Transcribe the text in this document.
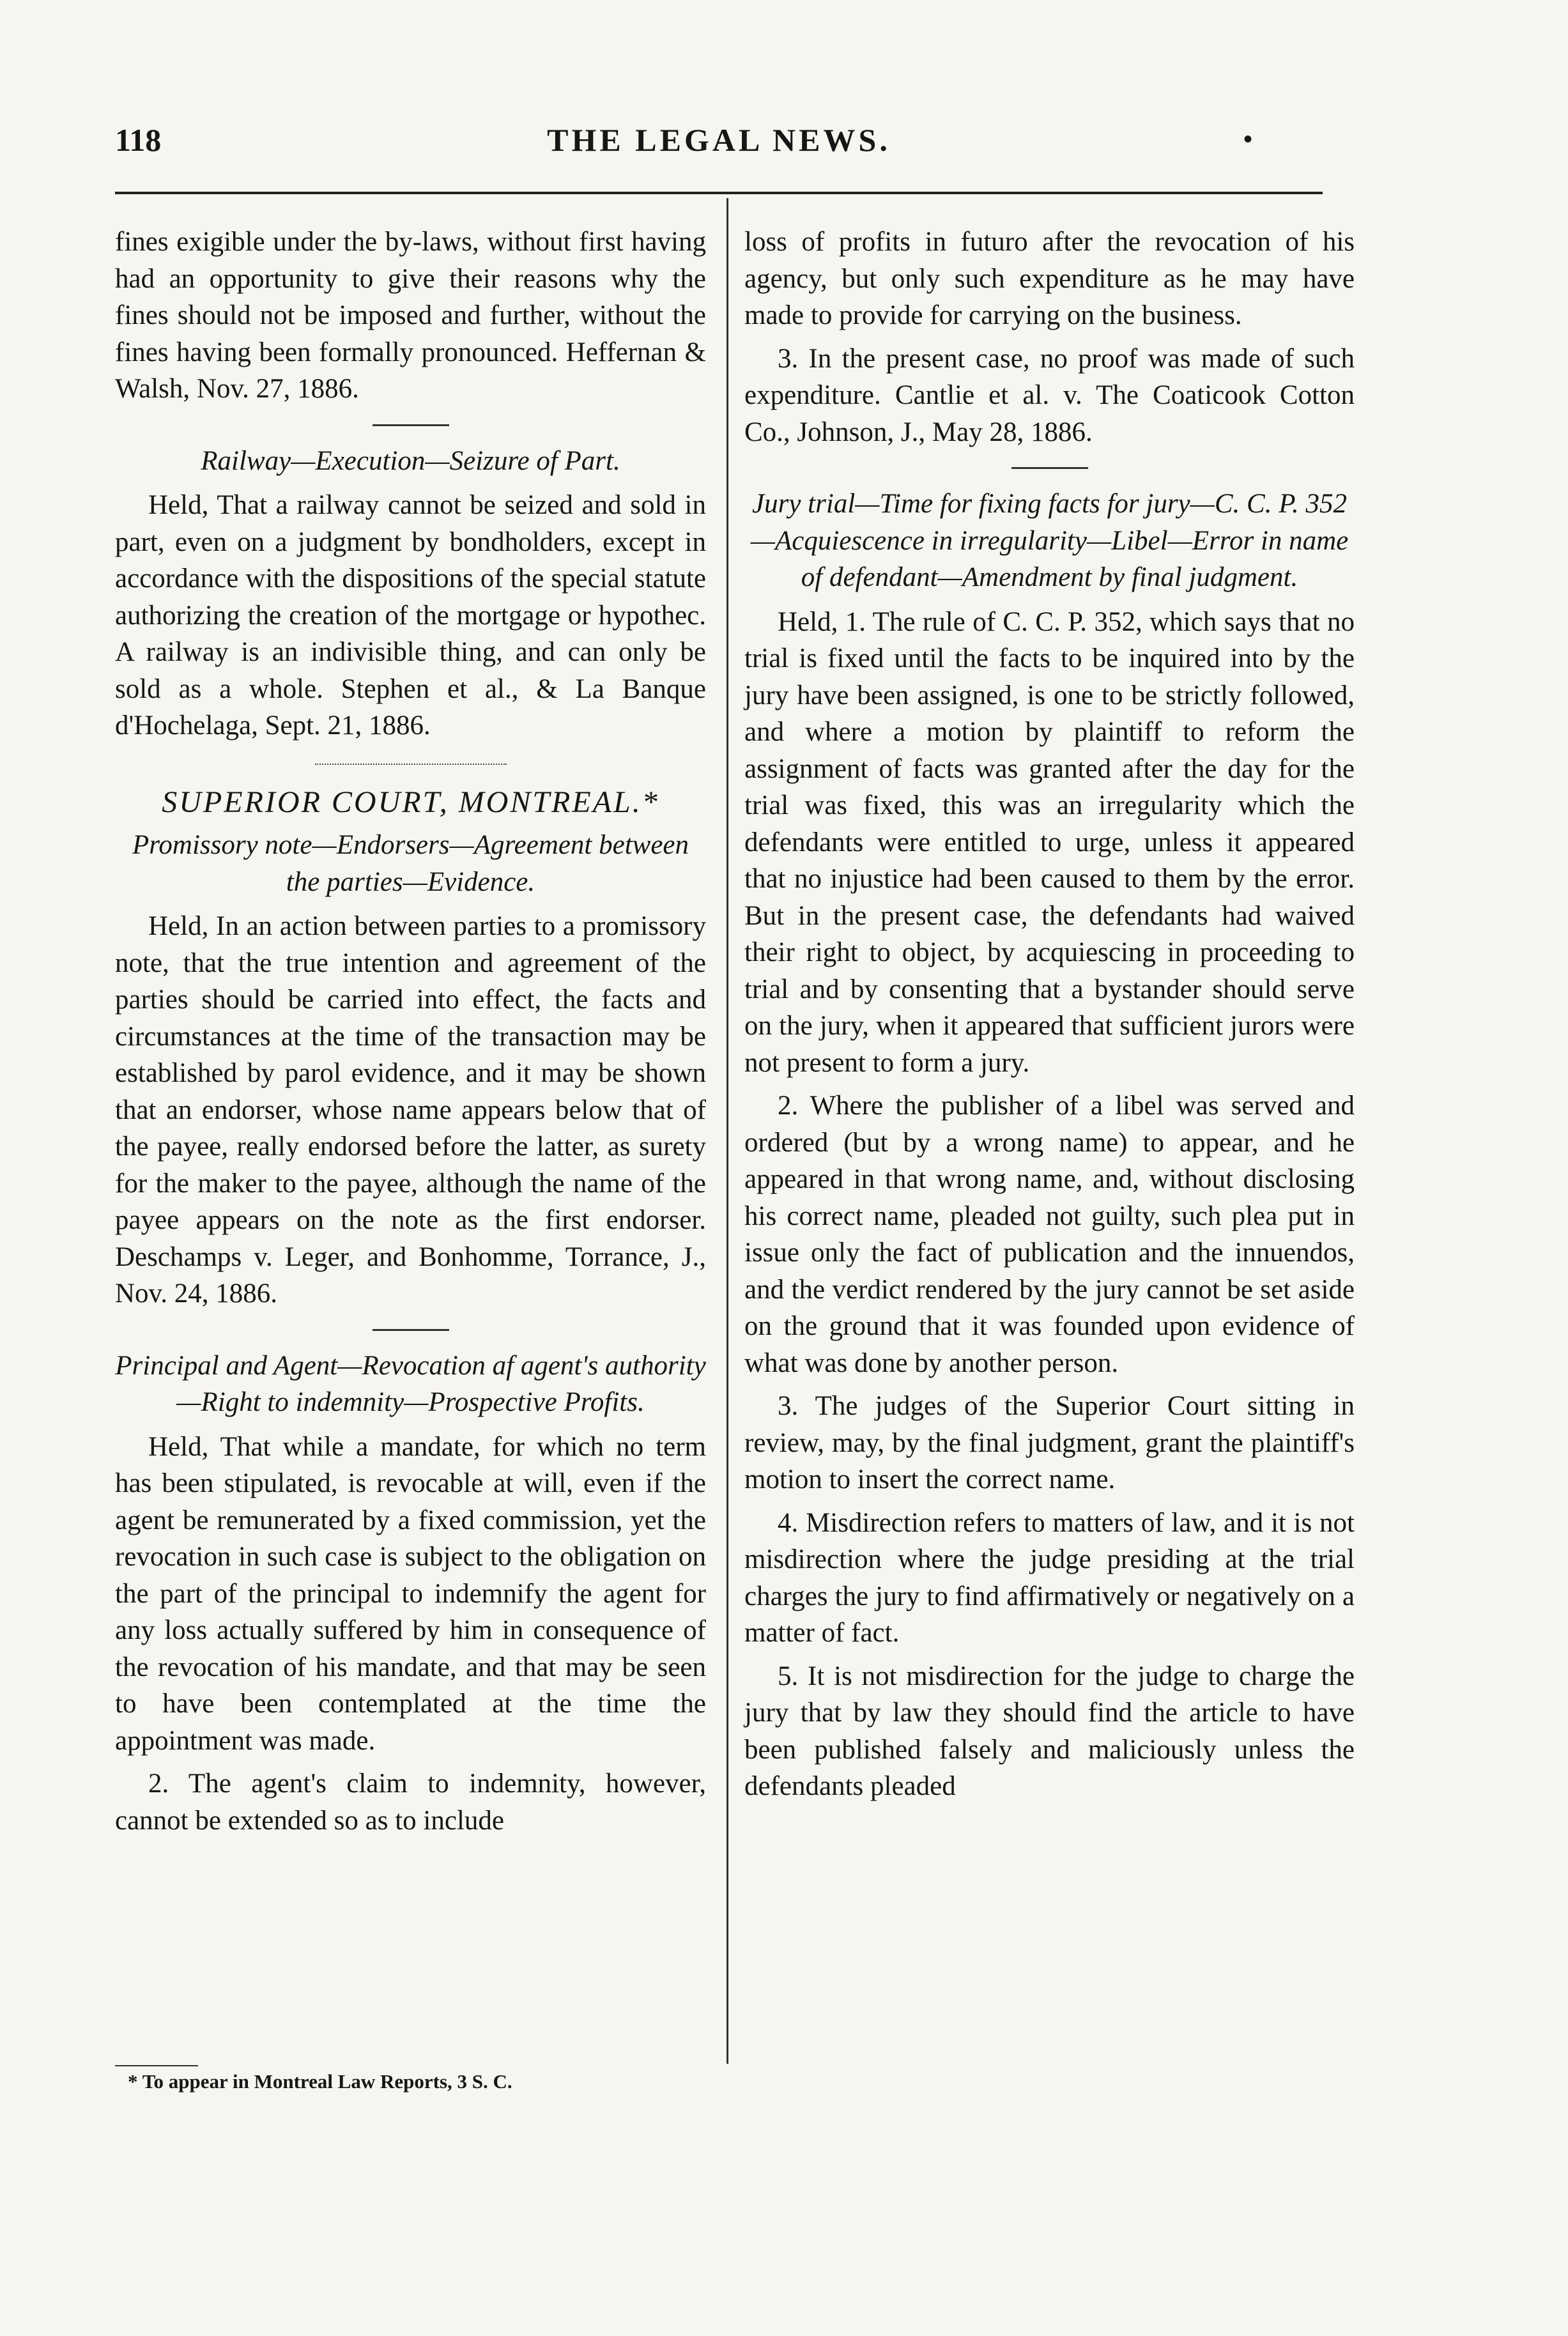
118	THE LEGAL NEWS.	•

fines exigible under the by-laws, without first having had an opportunity to give their reasons why the fines should not be imposed and further, without the fines having been formally pronounced. Heffernan & Walsh, Nov. 27, 1886.

Railway—Execution—Seizure of Part.

Held, That a railway cannot be seized and sold in part, even on a judgment by bondholders, except in accordance with the dispositions of the special statute authorizing the creation of the mortgage or hypothec. A railway is an indivisible thing, and can only be sold as a whole. Stephen et al., & La Banque d'Hochelaga, Sept. 21, 1886.

SUPERIOR COURT, MONTREAL.*
Promissory note—Endorsers—Agreement between the parties—Evidence.

Held, In an action between parties to a promissory note, that the true intention and agreement of the parties should be carried into effect, the facts and circumstances at the time of the transaction may be established by parol evidence, and it may be shown that an endorser, whose name appears below that of the payee, really endorsed before the latter, as surety for the maker to the payee, although the name of the payee appears on the note as the first endorser. Deschamps v. Leger, and Bonhomme, Torrance, J., Nov. 24, 1886.

Principal and Agent—Revocation af agent's authority—Right to indemnity—Prospective Profits.

Held, That while a mandate, for which no term has been stipulated, is revocable at will, even if the agent be remunerated by a fixed commission, yet the revocation in such case is subject to the obligation on the part of the principal to indemnify the agent for any loss actually suffered by him in consequence of the revocation of his mandate, and that may be seen to have been contemplated at the time the appointment was made.

2. The agent's claim to indemnity, however, cannot be extended so as to include

loss of profits in futuro after the revocation of his agency, but only such expenditure as he may have made to provide for carrying on the business.

3. In the present case, no proof was made of such expenditure. Cantlie et al. v. The Coaticook Cotton Co., Johnson, J., May 28, 1886.

Jury trial—Time for fixing facts for jury—C. C. P. 352—Acquiescence in irregularity—Libel—Error in name of defendant—Amendment by final judgment.

Held, 1. The rule of C. C. P. 352, which says that no trial is fixed until the facts to be inquired into by the jury have been assigned, is one to be strictly followed, and where a motion by plaintiff to reform the assignment of facts was granted after the day for the trial was fixed, this was an irregularity which the defendants were entitled to urge, unless it appeared that no injustice had been caused to them by the error. But in the present case, the defendants had waived their right to object, by acquiescing in proceeding to trial and by consenting that a bystander should serve on the jury, when it appeared that sufficient jurors were not present to form a jury.

2. Where the publisher of a libel was served and ordered (but by a wrong name) to appear, and he appeared in that wrong name, and, without disclosing his correct name, pleaded not guilty, such plea put in issue only the fact of publication and the innuendos, and the verdict rendered by the jury cannot be set aside on the ground that it was founded upon evidence of what was done by another person.

3. The judges of the Superior Court sitting in review, may, by the final judgment, grant the plaintiff's motion to insert the correct name.

4. Misdirection refers to matters of law, and it is not misdirection where the judge presiding at the trial charges the jury to find affirmatively or negatively on a matter of fact.

5. It is not misdirection for the judge to charge the jury that by law they should find the article to have been published falsely and maliciously unless the defendants pleaded

* To appear in Montreal Law Reports, 3 S. C.
